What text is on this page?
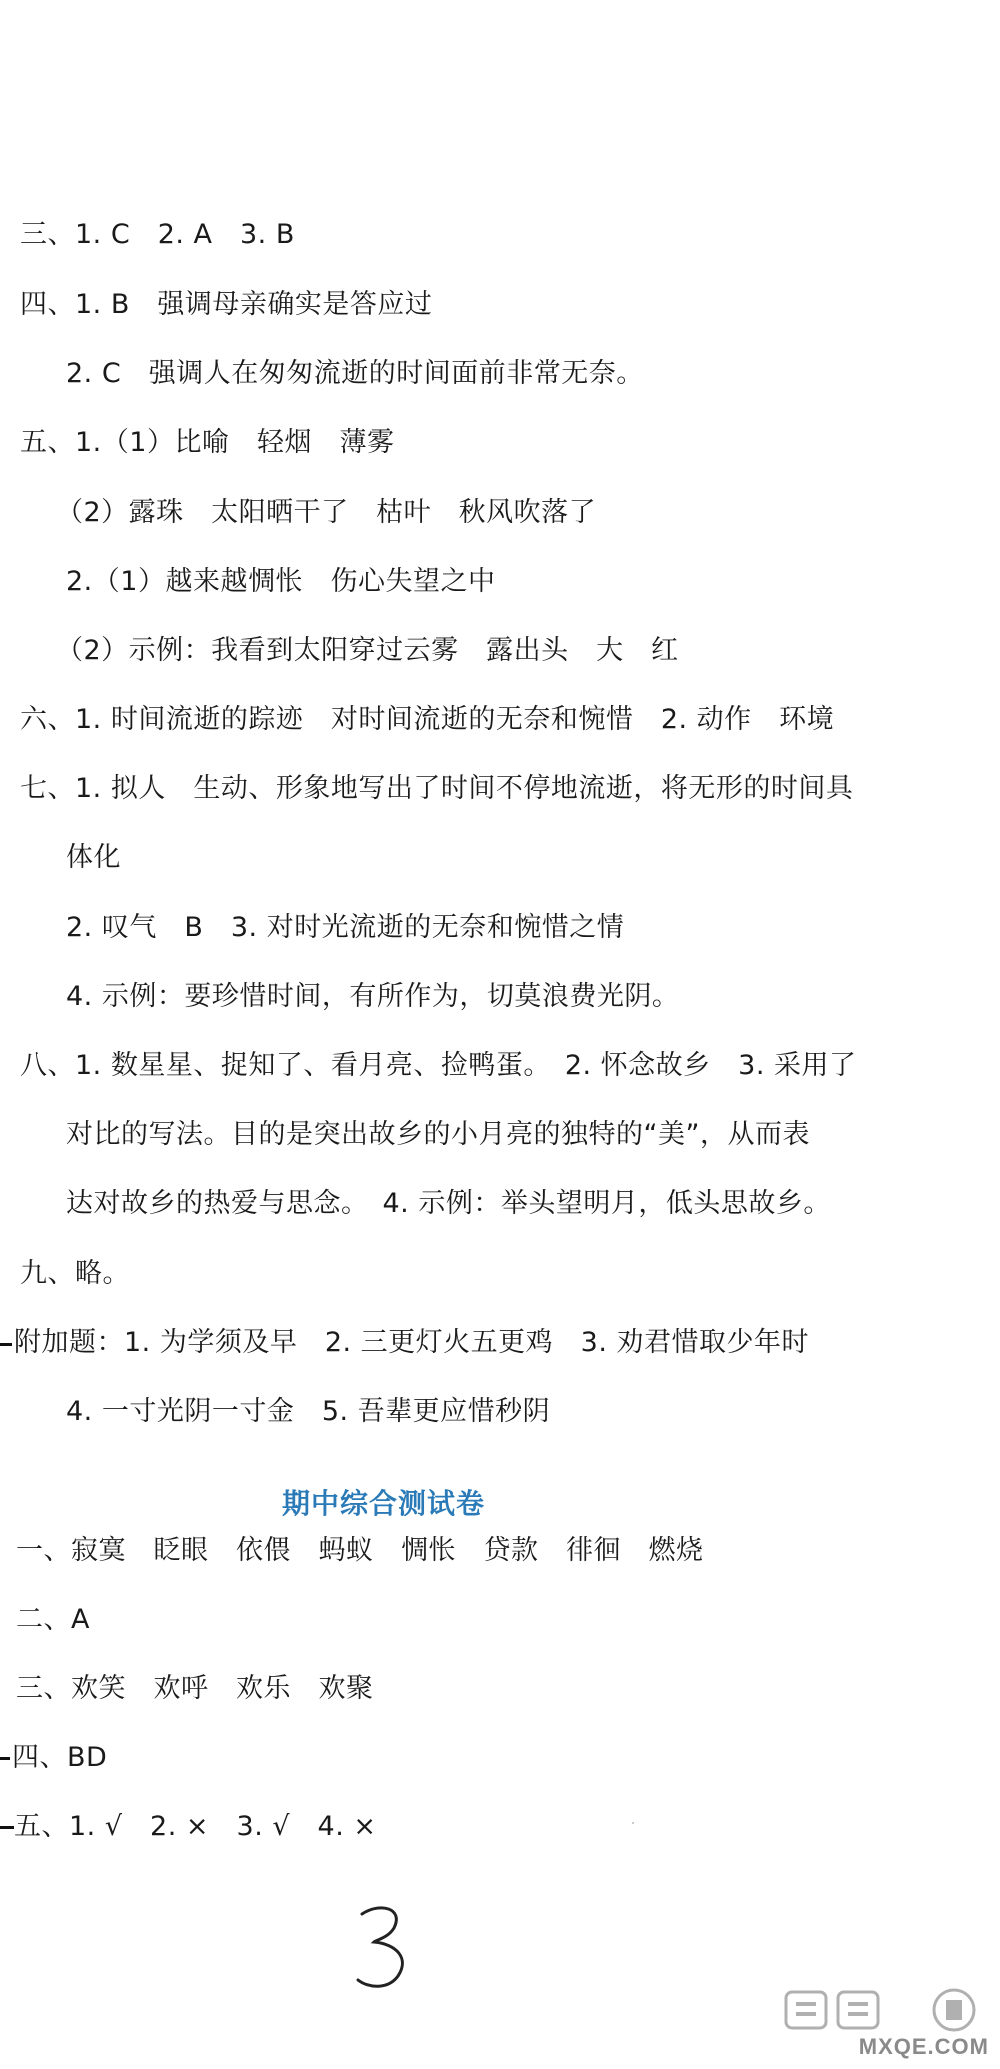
三、1. C　2. A　3. B
四、1. B　强调母亲确实是答应过
2. C　强调人在匆匆流逝的时间面前非常无奈。
五、1.（1）比喻　轻烟　薄雾
（2）露珠　太阳晒干了　枯叶　秋风吹落了
2.（1）越来越惆怅　伤心失望之中
（2）示例：我看到太阳穿过云雾　露出头　大　红
六、1. 时间流逝的踪迹　对时间流逝的无奈和惋惜　2. 动作　环境
七、1. 拟人　生动、形象地写出了时间不停地流逝，将无形的时间具
体化
2. 叹气　B　3. 对时光流逝的无奈和惋惜之情
4. 示例：要珍惜时间，有所作为，切莫浪费光阴。
八、1. 数星星、捉知了、看月亮、捡鸭蛋。　2. 怀念故乡　3. 采用了
对比的写法。目的是突出故乡的小月亮的独特的“美”，从而表
达对故乡的热爱与思念。　4. 示例：举头望明月，低头思故乡。
九、略。
附加题：1. 为学须及早　2. 三更灯火五更鸡　3. 劝君惜取少年时
4. 一寸光阴一寸金　5. 吾辈更应惜秒阴
期中综合测试卷
一、寂寞　眨眼　依偎　蚂蚁　惆怅　贷款　徘徊　燃烧
二、A
三、欢笑　欢呼　欢乐　欢聚
四、BD
五、1. √　2. ×　3. √　4. ×
MXQE.COM
